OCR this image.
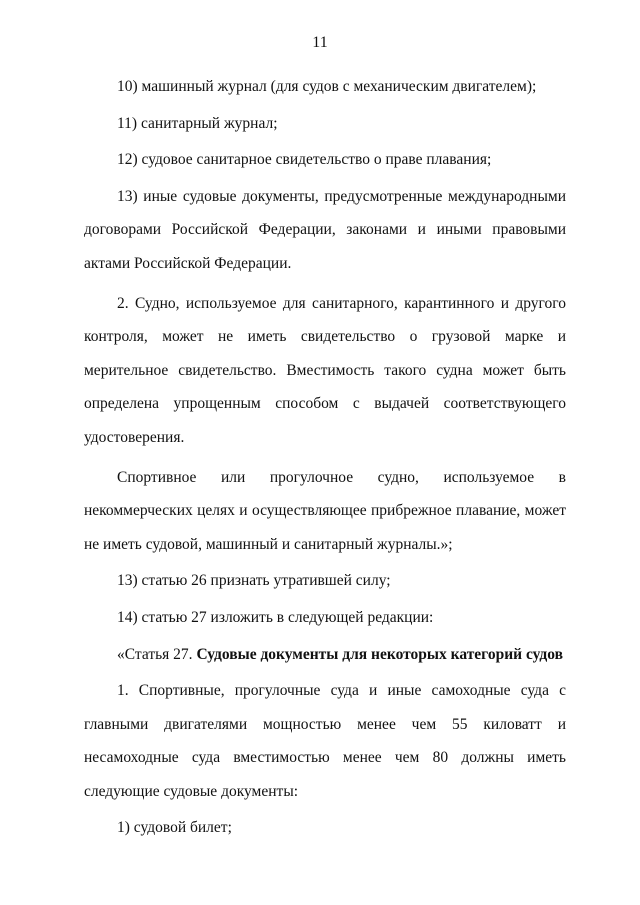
11

10) машинный журнал (для судов с механическим двигателем);

11) санитарный журнал;

12) судовое санитарное свидетельство о праве плавания;

13) иные судовые документы, предусмотренные международными договорами Российской Федерации, законами и иными правовыми актами Российской Федерации.

2. Судно, используемое для санитарного, карантинного и другого контроля, может не иметь свидетельство о грузовой марке и мерительное свидетельство. Вместимость такого судна может быть определена упрощенным способом с выдачей соответствующего удостоверения.

Спортивное или прогулочное судно, используемое в некоммерческих целях и осуществляющее прибрежное плавание, может не иметь судовой, машинный и санитарный журналы.»;

13) статью 26 признать утратившей силу;

14) статью 27 изложить в следующей редакции:

«Статья 27. Судовые документы для некоторых категорий судов

1. Спортивные, прогулочные суда и иные самоходные суда с главными двигателями мощностью менее чем 55 киловатт и несамоходные суда вместимостью менее чем 80 должны иметь следующие судовые документы:

1) судовой билет;
